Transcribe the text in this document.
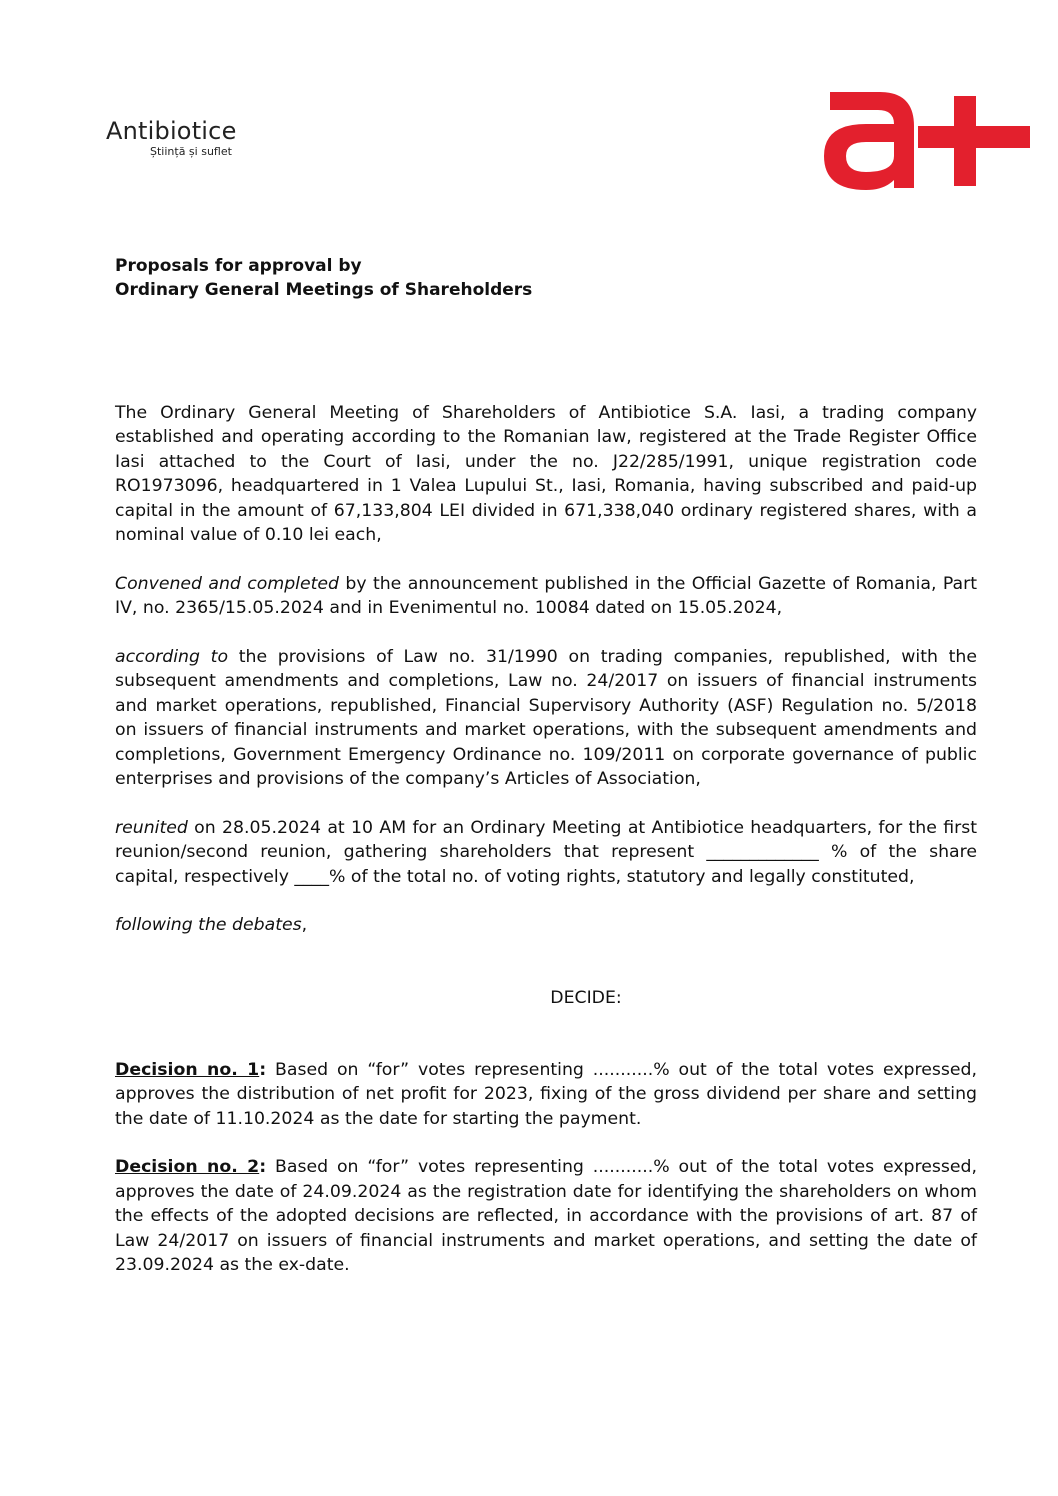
Antibiotice
Știință și suflet
Proposals for approval by
Ordinary General Meetings of Shareholders

The Ordinary General Meeting of Shareholders of Antibiotice S.A. Iasi, a trading company established and operating according to the Romanian law, registered at the Trade Register Office Iasi attached to the Court of Iasi, under the no. J22/285/1991, unique registration code RO1973096, headquartered in 1 Valea Lupului St., Iasi, Romania, having subscribed and paid-up capital in the amount of 67,133,804 LEI divided in 671,338,040 ordinary registered shares, with a nominal value of 0.10 lei each,

Convened and completed by the announcement published in the Official Gazette of Romania, Part IV, no. 2365/15.05.2024 and in Evenimentul no. 10084 dated on 15.05.2024,

according to the provisions of Law no. 31/1990 on trading companies, republished, with the subsequent amendments and completions, Law no. 24/2017 on issuers of financial instruments and market operations, republished, Financial Supervisory Authority (ASF) Regulation no. 5/2018 on issuers of financial instruments and market operations, with the subsequent amendments and completions, Government Emergency Ordinance no. 109/2011 on corporate governance of public enterprises and provisions of the company’s Articles of Association,

reunited on 28.05.2024 at 10 AM for an Ordinary Meeting at Antibiotice headquarters, for the first reunion/second reunion, gathering shareholders that represent _____________ % of the share capital, respectively ____% of the total no. of voting rights, statutory and legally constituted,

following the debates,

DECIDE:

Decision no. 1: Based on “for” votes representing ...........% out of the total votes expressed, approves the distribution of net profit for 2023, fixing of the gross dividend per share and setting the date of 11.10.2024 as the date for starting the payment.

Decision no. 2: Based on “for” votes representing ...........% out of the total votes expressed, approves the date of 24.09.2024 as the registration date for identifying the shareholders on whom the effects of the adopted decisions are reflected, in accordance with the provisions of art. 87 of Law 24/2017 on issuers of financial instruments and market operations, and setting the date of 23.09.2024 as the ex-date.
